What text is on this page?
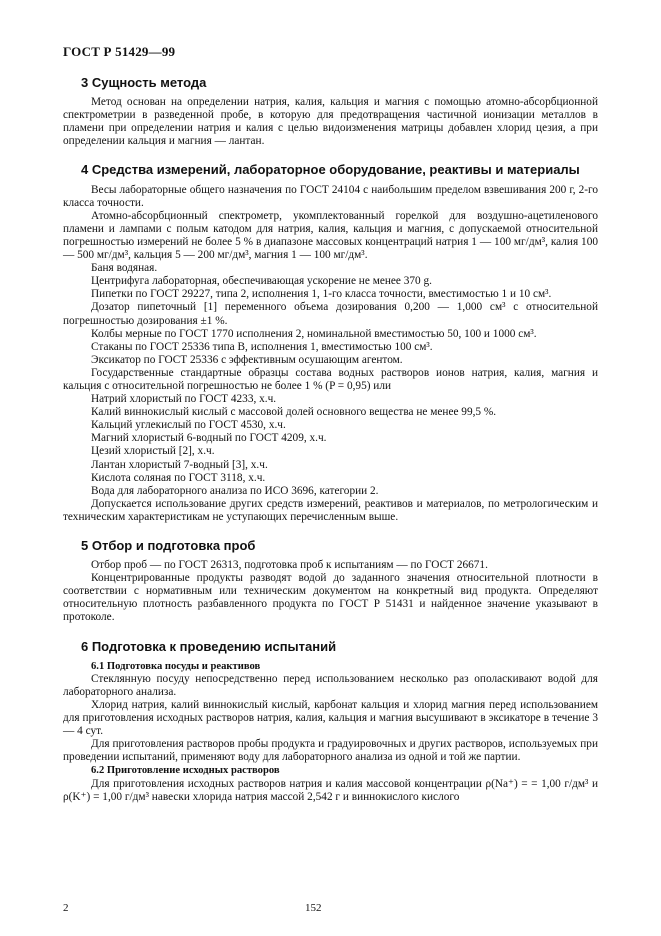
ГОСТ Р 51429—99
3 Сущность метода

Метод основан на определении натрия, калия, кальция и магния с помощью атомно-абсорбционной спектрометрии в разведенной пробе, в которую для предотвращения частичной ионизации металлов в пламени при определении натрия и калия с целью видоизменения матрицы добавлен хлорид цезия, а при определении кальция и магния — лантан.

4 Средства измерений, лабораторное оборудование, реактивы и материалы

Весы лабораторные общего назначения по ГОСТ 24104 с наибольшим пределом взвешивания 200 г, 2-го класса точности.

Атомно-абсорбционный спектрометр, укомплектованный горелкой для воздушно-ацетиленового пламени и лампами с полым катодом для натрия, калия, кальция и магния, с допускаемой относительной погрешностью измерений не более 5 % в диапазоне массовых концентраций натрия 1 — 100 мг/дм³, калия 100 — 500 мг/дм³, кальция 5 — 200 мг/дм³, магния 1 — 100 мг/дм³.

Баня водяная.

Центрифуга лабораторная, обеспечивающая ускорение не менее 370 g.

Пипетки по ГОСТ 29227, типа 2, исполнения 1, 1-го класса точности, вместимостью 1 и 10 см³.

Дозатор пипеточный [1] переменного объема дозирования 0,200 — 1,000 см³ с относительной погрешностью дозирования ±1 %.

Колбы мерные по ГОСТ 1770 исполнения 2, номинальной вместимостью 50, 100 и 1000 см³.

Стаканы по ГОСТ 25336 типа В, исполнения 1, вместимостью 100 см³.

Эксикатор по ГОСТ 25336 с эффективным осушающим агентом.

Государственные стандартные образцы состава водных растворов ионов натрия, калия, магния и кальция с относительной погрешностью не более 1 % (P = 0,95) или

Натрий хлористый по ГОСТ 4233, х.ч.

Калий виннокислый кислый с массовой долей основного вещества не менее 99,5 %.

Кальций углекислый по ГОСТ 4530, х.ч.

Магний хлористый 6-водный по ГОСТ 4209, х.ч.

Цезий хлористый [2], х.ч.

Лантан хлористый 7-водный [3], х.ч.

Кислота соляная по ГОСТ 3118, х.ч.

Вода для лабораторного анализа по ИСО 3696, категории 2.

Допускается использование других средств измерений, реактивов и материалов, по метрологическим и техническим характеристикам не уступающих перечисленным выше.

5 Отбор и подготовка проб

Отбор проб — по ГОСТ 26313, подготовка проб к испытаниям — по ГОСТ 26671.

Концентрированные продукты разводят водой до заданного значения относительной плотности в соответствии с нормативным или техническим документом на конкретный вид продукта. Определяют относительную плотность разбавленного продукта по ГОСТ Р 51431 и найденное значение указывают в протоколе.

6 Подготовка к проведению испытаний
6.1 Подготовка посуды и реактивов

Стеклянную посуду непосредственно перед использованием несколько раз ополаскивают водой для лабораторного анализа.

Хлорид натрия, калий виннокислый кислый, карбонат кальция и хлорид магния перед использованием для приготовления исходных растворов натрия, калия, кальция и магния высушивают в эксикаторе в течение 3 — 4 сут.

Для приготовления растворов пробы продукта и градуировочных и других растворов, используемых при проведении испытаний, применяют воду для лабораторного анализа из одной и той же партии.

6.2 Приготовление исходных растворов

Для приготовления исходных растворов натрия и калия массовой концентрации ρ(Na⁺) = = 1,00 г/дм³ и ρ(K⁺) = 1,00 г/дм³ навески хлорида натрия массой 2,542 г и виннокислого кислого

2	152
